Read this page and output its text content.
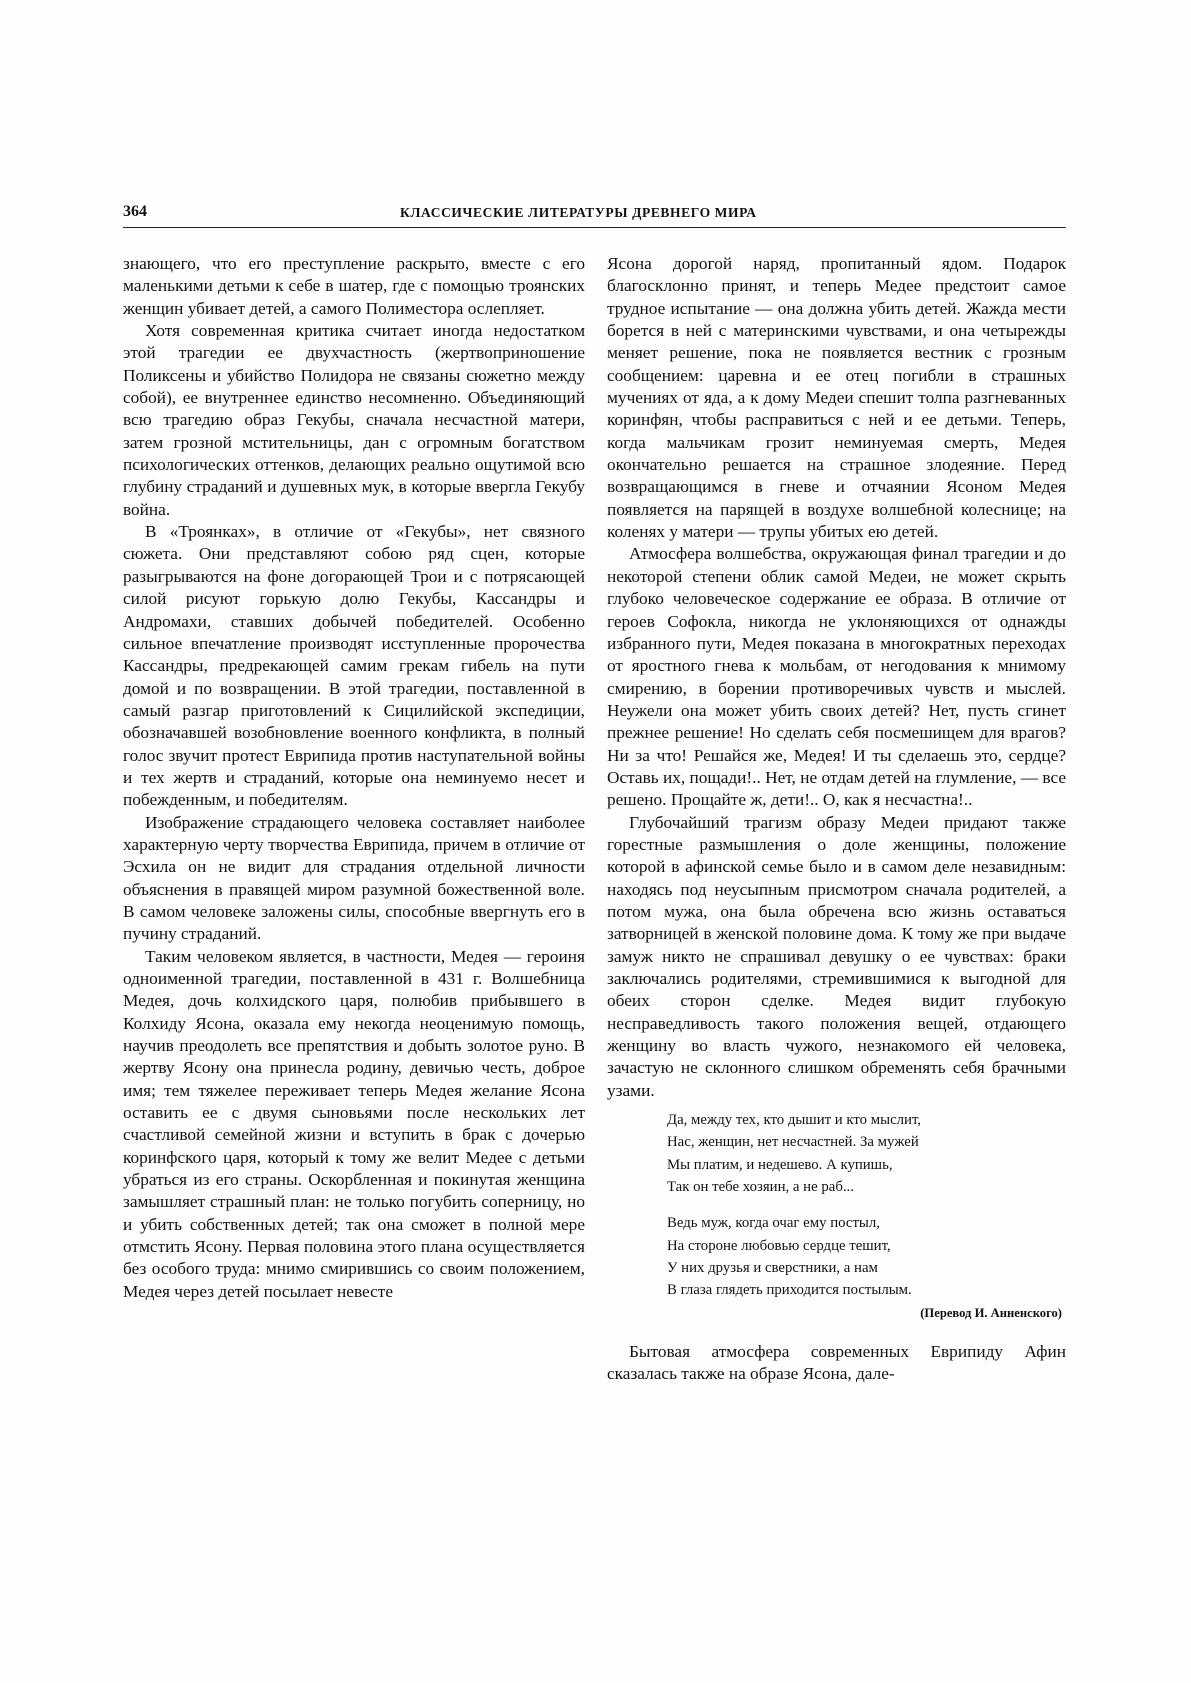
364	КЛАССИЧЕСКИЕ ЛИТЕРАТУРЫ ДРЕВНЕГО МИРА

знающего, что его преступление раскрыто, вместе с его маленькими детьми к себе в шатер, где с помощью троянских женщин убивает детей, а самого Полиместора ослепляет.

Хотя современная критика считает иногда недостатком этой трагедии ее двухчастность (жертвоприношение Поликсены и убийство Полидора не связаны сюжетно между собой), ее внутреннее единство несомненно. Объединяющий всю трагедию образ Гекубы, сначала несчастной матери, затем грозной мстительницы, дан с огромным богатством психологических оттенков, делающих реально ощутимой всю глубину страданий и душевных мук, в которые ввергла Гекубу война.

В «Троянках», в отличие от «Гекубы», нет связного сюжета. Они представляют собою ряд сцен, которые разыгрываются на фоне догорающей Трои и с потрясающей силой рисуют горькую долю Гекубы, Кассандры и Андромахи, ставших добычей победителей. Особенно сильное впечатление производят исступленные пророчества Кассандры, предрекающей самим грекам гибель на пути домой и по возвращении. В этой трагедии, поставленной в самый разгар приготовлений к Сицилийской экспедиции, обозначавшей возобновление военного конфликта, в полный голос звучит протест Еврипида против наступательной войны и тех жертв и страданий, которые она неминуемо несет и побежденным, и победителям.

Изображение страдающего человека составляет наиболее характерную черту творчества Еврипида, причем в отличие от Эсхила он не видит для страдания отдельной личности объяснения в правящей миром разумной божественной воле. В самом человеке заложены силы, способные ввергнуть его в пучину страданий.

Таким человеком является, в частности, Медея — героиня одноименной трагедии, поставленной в 431 г. Волшебница Медея, дочь колхидского царя, полюбив прибывшего в Колхиду Ясона, оказала ему некогда неоценимую помощь, научив преодолеть все препятствия и добыть золотое руно. В жертву Ясону она принесла родину, девичью честь, доброе имя; тем тяжелее переживает теперь Медея желание Ясона оставить ее с двумя сыновьями после нескольких лет счастливой семейной жизни и вступить в брак с дочерью коринфского царя, который к тому же велит Медее с детьми убраться из его страны. Оскорбленная и покинутая женщина замышляет страшный план: не только погубить соперницу, но и убить собственных детей; так она сможет в полной мере отмстить Ясону. Первая половина этого плана осуществляется без особого труда: мнимо смирившись со своим положением, Медея через детей посылает невесте

Ясона дорогой наряд, пропитанный ядом. Подарок благосклонно принят, и теперь Медее предстоит самое трудное испытание — она должна убить детей. Жажда мести борется в ней с материнскими чувствами, и она четырежды меняет решение, пока не появляется вестник с грозным сообщением: царевна и ее отец погибли в страшных мучениях от яда, а к дому Медеи спешит толпа разгневанных коринфян, чтобы расправиться с ней и ее детьми. Теперь, когда мальчикам грозит неминуемая смерть, Медея окончательно решается на страшное злодеяние. Перед возвращающимся в гневе и отчаянии Ясоном Медея появляется на парящей в воздухе волшебной колеснице; на коленях у матери — трупы убитых ею детей.

Атмосфера волшебства, окружающая финал трагедии и до некоторой степени облик самой Медеи, не может скрыть глубоко человеческое содержание ее образа. В отличие от героев Софокла, никогда не уклоняющихся от однажды избранного пути, Медея показана в многократных переходах от яростного гнева к мольбам, от негодования к мнимому смирению, в борении противоречивых чувств и мыслей. Неужели она может убить своих детей? Нет, пусть сгинет прежнее решение! Но сделать себя посмешищем для врагов? Ни за что! Решайся же, Медея! И ты сделаешь это, сердце? Оставь их, пощади!.. Нет, не отдам детей на глумление, — все решено. Прощайте ж, дети!.. О, как я несчастна!..

Глубочайший трагизм образу Медеи придают также горестные размышления о доле женщины, положение которой в афинской семье было и в самом деле незавидным: находясь под неусыпным присмотром сначала родителей, а потом мужа, она была обречена всю жизнь оставаться затворницей в женской половине дома. К тому же при выдаче замуж никто не спрашивал девушку о ее чувствах: браки заключались родителями, стремившимися к выгодной для обеих сторон сделке. Медея видит глубокую несправедливость такого положения вещей, отдающего женщину во власть чужого, незнакомого ей человека, зачастую не склонного слишком обременять себя брачными узами.

Да, между тех, кто дышит и кто мыслит,
Нас, женщин, нет несчастней. За мужей
Мы платим, и недешево. А купишь,
Так он тебе хозяин, а не раб...
Ведь муж, когда очаг ему постыл,
На стороне любовью сердце тешит,
У них друзья и сверстники, а нам
В глаза глядеть приходится постылым.
(Перевод И. Анненского)

Бытовая атмосфера современных Еврипиду Афин сказалась также на образе Ясона, дале-
